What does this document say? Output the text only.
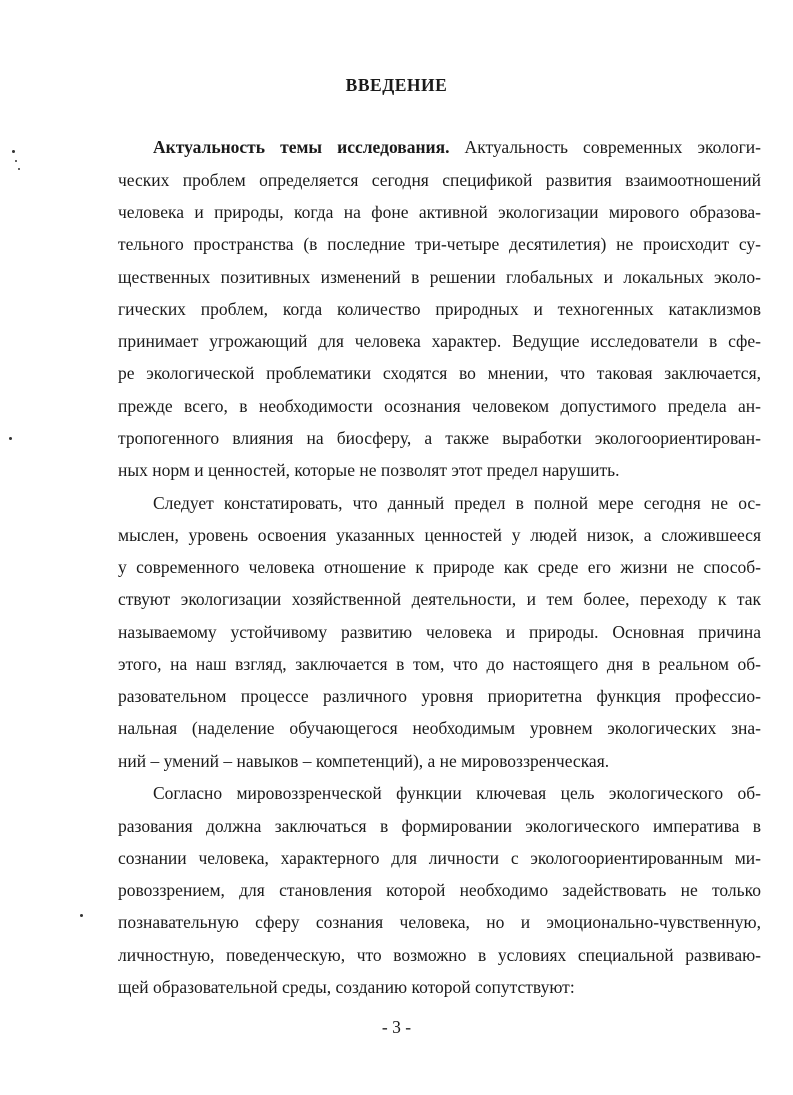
ВВЕДЕНИЕ
Актуальность темы исследования. Актуальность современных экологи-
ческих проблем определяется сегодня спецификой развития взаимоотношений
человека и природы, когда на фоне активной экологизации мирового образова-
тельного пространства (в последние три-четыре десятилетия) не происходит су-
щественных позитивных изменений в решении глобальных и локальных эколо-
гических проблем, когда количество природных и техногенных катаклизмов
принимает угрожающий для человека характер. Ведущие исследователи в сфе-
ре экологической проблематики сходятся во мнении, что таковая заключается,
прежде всего, в необходимости осознания человеком допустимого предела ан-
тропогенного влияния на биосферу, а также выработки экологоориентирован-
ных норм и ценностей, которые не позволят этот предел нарушить.
Следует констатировать, что данный предел в полной мере сегодня не ос-
мыслен, уровень освоения указанных ценностей у людей низок, а сложившееся
у современного человека отношение к природе как среде его жизни не способ-
ствуют экологизации хозяйственной деятельности, и тем более, переходу к так
называемому устойчивому развитию человека и природы. Основная причина
этого, на наш взгляд, заключается в том, что до настоящего дня в реальном об-
разовательном процессе различного уровня приоритетна функция профессио-
нальная (наделение обучающегося необходимым уровнем экологических зна-
ний – умений – навыков – компетенций), а не мировоззренческая.
Согласно мировоззренческой функции ключевая цель экологического об-
разования должна заключаться в формировании экологического императива в
сознании человека, характерного для личности с экологоориентированным ми-
ровоззрением, для становления которой необходимо задействовать не только
познавательную сферу сознания человека, но и эмоционально-чувственную,
личностную, поведенческую, что возможно в условиях специальной развиваю-
щей образовательной среды, созданию которой сопутствуют:
- 3 -
